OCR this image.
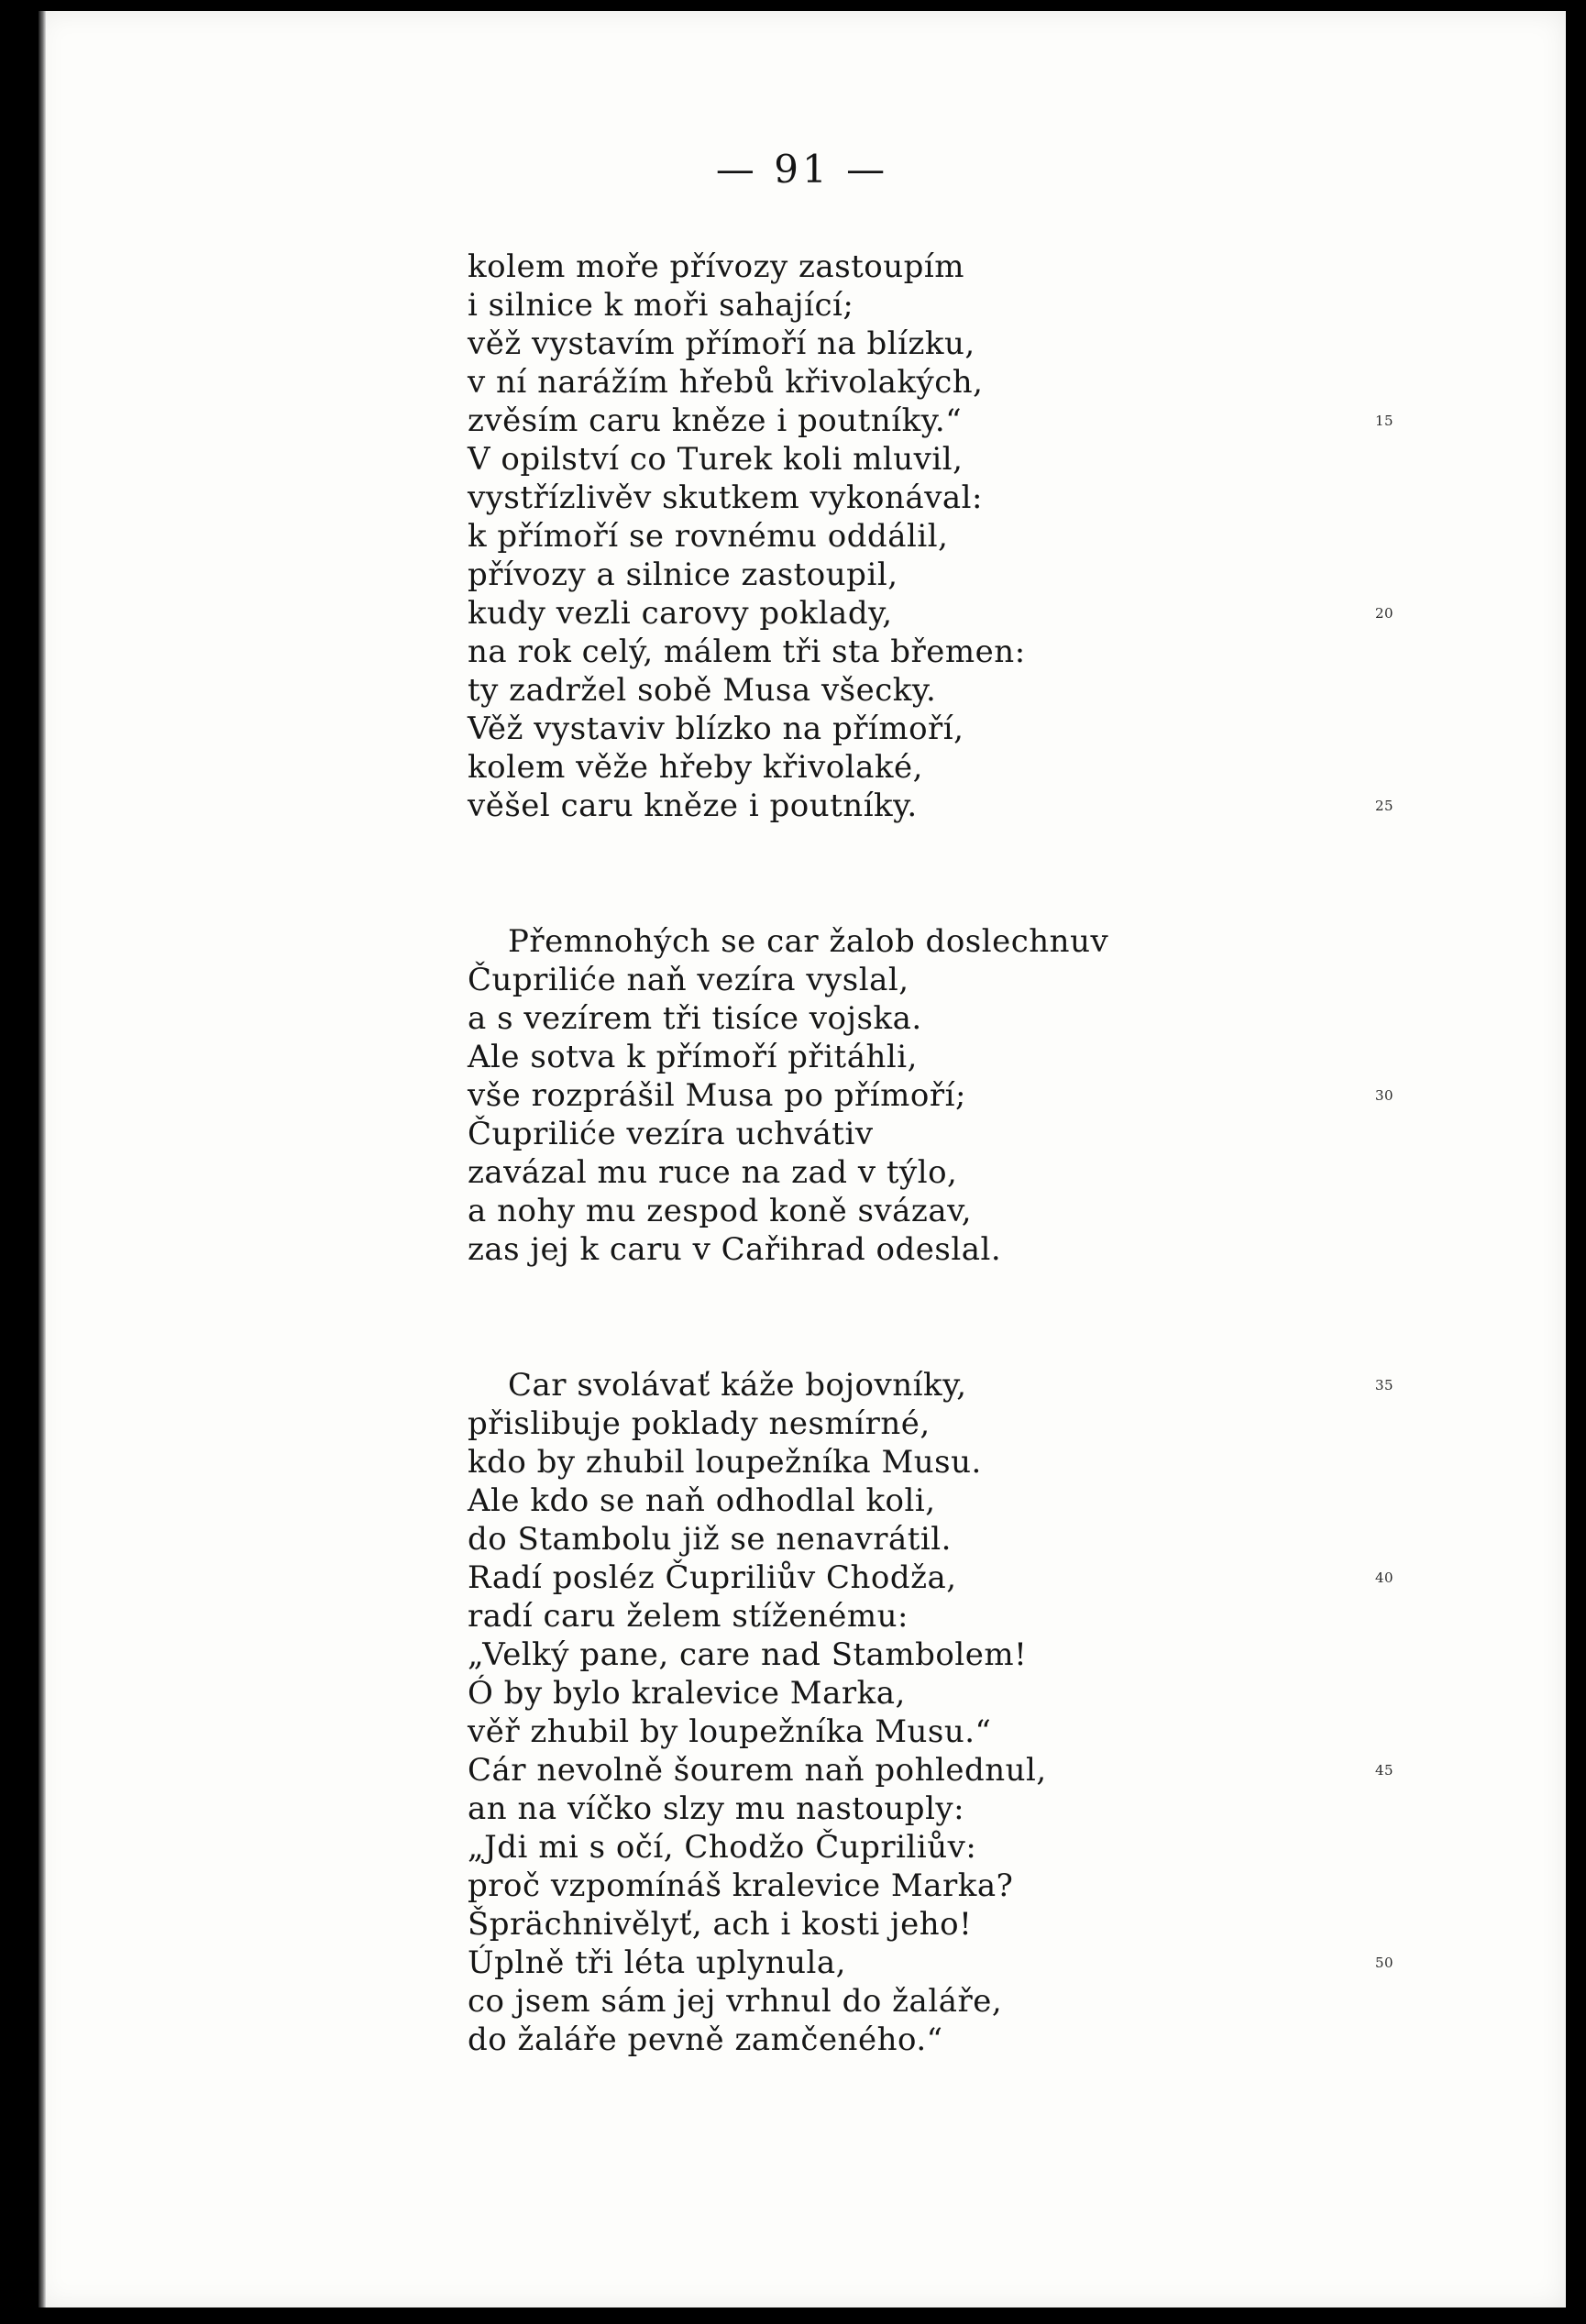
— 91 —
kolem moře přívozy zastoupím
i silnice k moři sahající;
věž vystavím přímoří na blízku,
v ní narážím hřebů křivolakých,
zvěsím caru kněze i poutníky.“	15
V opilství co Turek koli mluvil,
vystřízlivěv skutkem vykonával:
k přímoří se rovnému oddálil,
přívozy a silnice zastoupil,
kudy vezli carovy poklady,	20
na rok celý, málem tři sta břemen:
ty zadržel sobě Musa všecky.
Věž vystaviv blízko na přímoří,
kolem věže hřeby křivolaké,
věšel caru kněze i poutníky.	25
Přemnohých se car žalob doslechnuv
Čupriliće naň vezíra vyslal,
a s vezírem tři tisíce vojska.
Ale sotva k přímoří přitáhli,
vše rozprášil Musa po přímoří;	30
Čupriliće vezíra uchvátiv
zavázal mu ruce na zad v týlo,
a nohy mu zespod koně svázav,
zas jej k caru v Cařihrad odeslal.
Car svolávať káže bojovníky,	35
přislibuje poklady nesmírné,
kdo by zhubil loupežníka Musu.
Ale kdo se naň odhodlal koli,
do Stambolu již se nenavrátil.
Radí posléz Čupriliův Chodža,	40
radí caru želem stíženému:
„Velký pane, care nad Stambolem!
Ó by bylo kralevice Marka,
věř zhubil by loupežníka Musu.“
Cár nevolně šourem naň pohlednul,	45
an na víčko slzy mu nastouply:
„Jdi mi s očí, Chodžo Čupriliův:
proč vzpomínáš kralevice Marka?
Šprächnivělyť, ach i kosti jeho!
Úplně tři léta uplynula,	50
co jsem sám jej vrhnul do žaláře,
do žaláře pevně zamčeného.“
